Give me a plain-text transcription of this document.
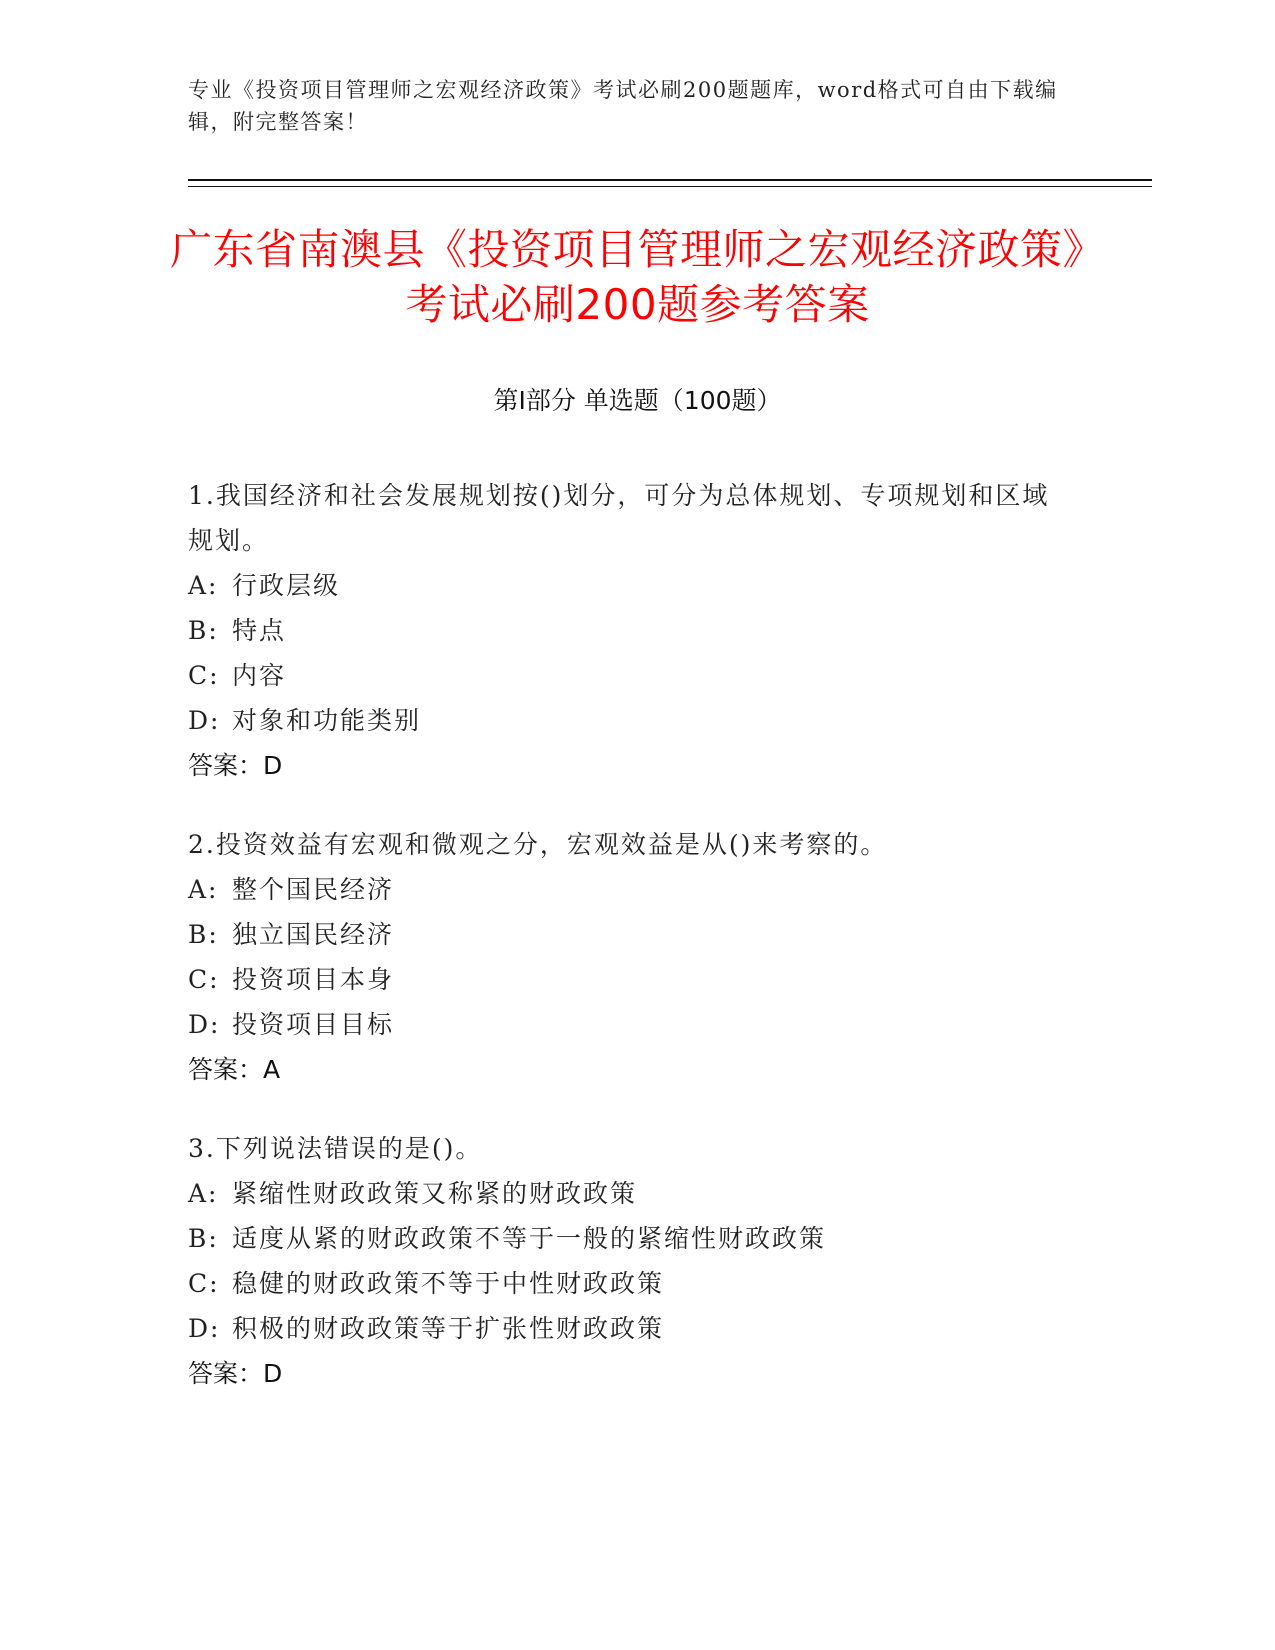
专业《投资项目管理师之宏观经济政策》考试必刷200题题库，word格式可自由下载编辑，附完整答案！
广东省南澳县《投资项目管理师之宏观经济政策》考试必刷200题参考答案
第Ⅰ部分 单选题（100题）
1.我国经济和社会发展规划按()划分，可分为总体规划、专项规划和区域规划。
A: 行政层级
B: 特点
C: 内容
D: 对象和功能类别
答案：D
2.投资效益有宏观和微观之分，宏观效益是从()来考察的。
A: 整个国民经济
B: 独立国民经济
C: 投资项目本身
D: 投资项目目标
答案：A
3.下列说法错误的是()。
A: 紧缩性财政政策又称紧的财政政策
B: 适度从紧的财政政策不等于一般的紧缩性财政政策
C: 稳健的财政政策不等于中性财政政策
D: 积极的财政政策等于扩张性财政政策
答案：D
